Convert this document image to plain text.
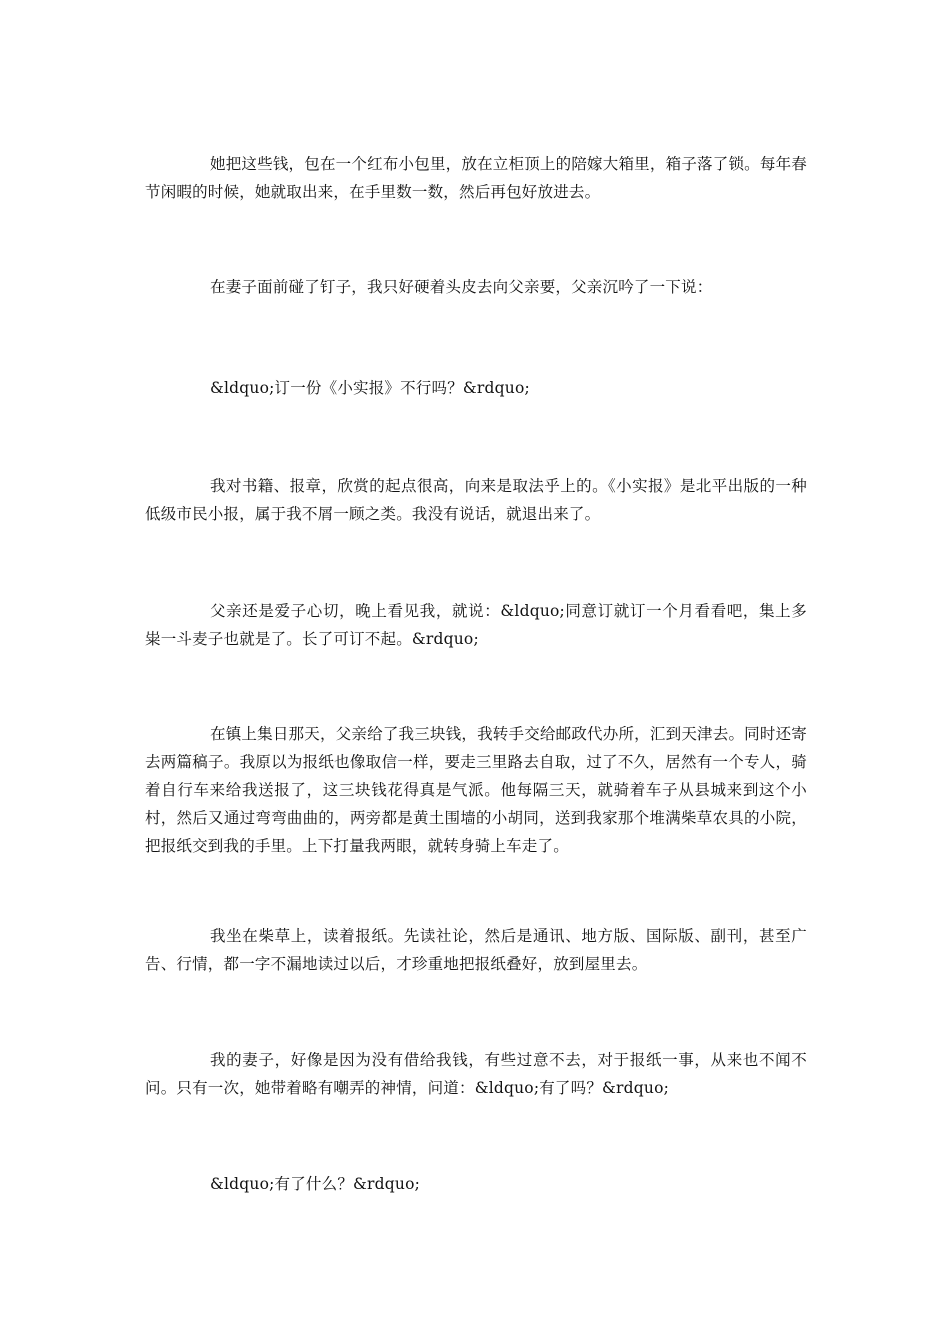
她把这些钱，包在一个红布小包里，放在立柜顶上的陪嫁大箱里，箱子落了锁。每年春节闲暇的时候，她就取出来，在手里数一数，然后再包好放进去。

在妻子面前碰了钉子，我只好硬着头皮去向父亲要，父亲沉吟了一下说：

&ldquo;订一份《小实报》不行吗？&rdquo;

我对书籍、报章，欣赏的起点很高，向来是取法乎上的。《小实报》是北平出版的一种低级市民小报，属于我不屑一顾之类。我没有说话，就退出来了。

父亲还是爱子心切，晚上看见我，就说：&ldquo;同意订就订一个月看看吧，集上多粜一斗麦子也就是了。长了可订不起。&rdquo;

在镇上集日那天，父亲给了我三块钱，我转手交给邮政代办所，汇到天津去。同时还寄去两篇稿子。我原以为报纸也像取信一样，要走三里路去自取，过了不久，居然有一个专人，骑着自行车来给我送报了，这三块钱花得真是气派。他每隔三天，就骑着车子从县城来到这个小村，然后又通过弯弯曲曲的，两旁都是黄土围墙的小胡同，送到我家那个堆满柴草农具的小院，把报纸交到我的手里。上下打量我两眼，就转身骑上车走了。

我坐在柴草上，读着报纸。先读社论，然后是通讯、地方版、国际版、副刊，甚至广告、行情，都一字不漏地读过以后，才珍重地把报纸叠好，放到屋里去。

我的妻子，好像是因为没有借给我钱，有些过意不去，对于报纸一事，从来也不闻不问。只有一次，她带着略有嘲弄的神情，问道：&ldquo;有了吗？&rdquo;

&ldquo;有了什么？&rdquo;
